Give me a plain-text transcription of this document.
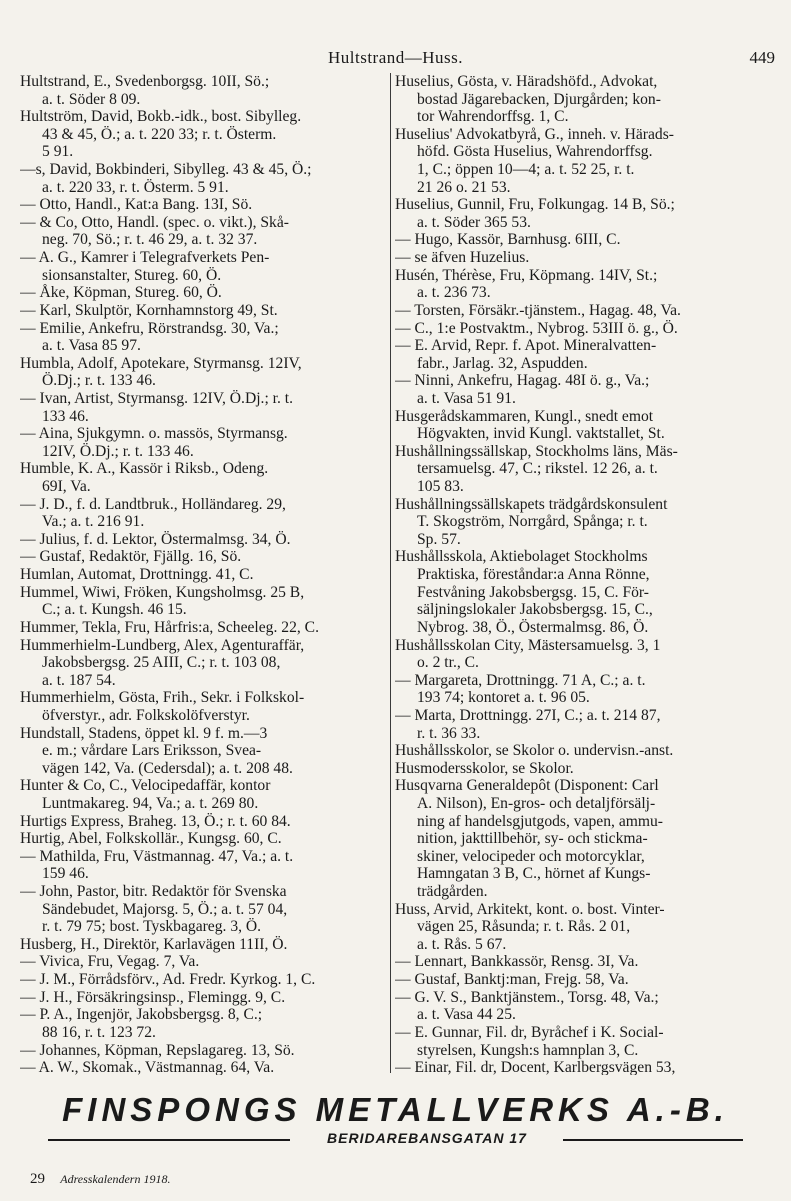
Hultstrand—Huss.	449
Hultstrand, E., Svedenborgsg. 10II, Sö.;
a. t. Söder 8 09.
Hultström, David, Bokb.-idk., bost. Sibylleg.
43 & 45, Ö.; a. t. 220 33; r. t. Österm.
5 91.
—s, David, Bokbinderi, Sibylleg. 43 & 45, Ö.;
a. t. 220 33, r. t. Österm. 5 91.
— Otto, Handl., Kat:a Bang. 13I, Sö.
— & Co, Otto, Handl. (spec. o. vikt.), Skå-
neg. 70, Sö.; r. t. 46 29, a. t. 32 37.
— A. G., Kamrer i Telegrafverkets Pen-
sionsanstalter, Stureg. 60, Ö.
— Åke, Köpman, Stureg. 60, Ö.
— Karl, Skulptör, Kornhamnstorg 49, St.
— Emilie, Ankefru, Rörstrandsg. 30, Va.;
a. t. Vasa 85 97.
Humbla, Adolf, Apotekare, Styrmansg. 12IV,
Ö.Dj.; r. t. 133 46.
— Ivan, Artist, Styrmansg. 12IV, Ö.Dj.; r. t.
133 46.
— Aina, Sjukgymn. o. massös, Styrmansg.
12IV, Ö.Dj.; r. t. 133 46.
Humble, K. A., Kassör i Riksb., Odeng.
69I, Va.
— J. D., f. d. Landtbruk., Holländareg. 29,
Va.; a. t. 216 91.
— Julius, f. d. Lektor, Östermalmsg. 34, Ö.
— Gustaf, Redaktör, Fjällg. 16, Sö.
Humlan, Automat, Drottningg. 41, C.
Hummel, Wiwi, Fröken, Kungsholmsg. 25 B,
C.; a. t. Kungsh. 46 15.
Hummer, Tekla, Fru, Hårfris:a, Scheeleg. 22, C.
Hummerhielm-Lundberg, Alex, Agenturaffär,
Jakobsbergsg. 25 AIII, C.; r. t. 103 08,
a. t. 187 54.
Hummerhielm, Gösta, Frih., Sekr. i Folkskol-
öfverstyr., adr. Folkskolöfverstyr.
Hundstall, Stadens, öppet kl. 9 f. m.—3
e. m.; vårdare Lars Eriksson, Svea-
vägen 142, Va. (Cedersdal); a. t. 208 48.
Hunter & Co, C., Velocipedaffär, kontor
Luntmakareg. 94, Va.; a. t. 269 80.
Hurtigs Express, Braheg. 13, Ö.; r. t. 60 84.
Hurtig, Abel, Folkskollär., Kungsg. 60, C.
— Mathilda, Fru, Västmannag. 47, Va.; a. t.
159 46.
— John, Pastor, bitr. Redaktör för Svenska
Sändebudet, Majorsg. 5, Ö.; a. t. 57 04,
r. t. 79 75; bost. Tyskbagareg. 3, Ö.
Husberg, H., Direktör, Karlavägen 11II, Ö.
— Vivica, Fru, Vegag. 7, Va.
— J. M., Förrådsförv., Ad. Fredr. Kyrkog. 1, C.
— J. H., Försäkringsinsp., Flemingg. 9, C.
— P. A., Ingenjör, Jakobsbergsg. 8, C.;
88 16, r. t. 123 72.
— Johannes, Köpman, Repslagareg. 13, Sö.
— A. W., Skomak., Västmannag. 64, Va.
Huselius, Gösta, v. Häradshöfd., Advokat,
bostad Jägarebacken, Djurgården; kon-
tor Wahrendorffsg. 1, C.
Huselius' Advokatbyrå, G., inneh. v. Härads-
höfd. Gösta Huselius, Wahrendorffsg.
1, C.; öppen 10—4; a. t. 52 25, r. t.
21 26 o. 21 53.
Huselius, Gunnil, Fru, Folkungag. 14 B, Sö.;
a. t. Söder 365 53.
— Hugo, Kassör, Barnhusg. 6III, C.
— se äfven Huzelius.
Husén, Thérèse, Fru, Köpmang. 14IV, St.;
a. t. 236 73.
— Torsten, Försäkr.-tjänstem., Hagag. 48, Va.
— C., 1:e Postvaktm., Nybrog. 53III ö. g., Ö.
— E. Arvid, Repr. f. Apot. Mineralvatten-
fabr., Jarlag. 32, Aspudden.
— Ninni, Ankefru, Hagag. 48I ö. g., Va.;
a. t. Vasa 51 91.
Husgerådskammaren, Kungl., snedt emot
Högvakten, invid Kungl. vaktstallet, St.
Hushållningssällskap, Stockholms läns, Mäs-
tersamuelsg. 47, C.; rikstel. 12 26, a. t.
105 83.
Hushållningssällskapets trädgårdskonsulent
T. Skogström, Norrgård, Spånga; r. t.
Sp. 57.
Hushållsskola, Aktiebolaget Stockholms
Praktiska, föreståndar:a Anna Rönne,
Festvåning Jakobsbergsg. 15, C. För-
säljningslokaler Jakobsbergsg. 15, C.,
Nybrog. 38, Ö., Östermalmsg. 86, Ö.
Hushållsskolan City, Mästersamuelsg. 3, 1
o. 2 tr., C.
— Margareta, Drottningg. 71 A, C.; a. t.
193 74; kontoret a. t. 96 05.
— Marta, Drottningg. 27I, C.; a. t. 214 87,
r. t. 36 33.
Hushållsskolor, se Skolor o. undervisn.-anst.
Husmodersskolor, se Skolor.
Husqvarna Generaldepôt (Disponent: Carl
A. Nilson), En-gros- och detaljförsälj-
ning af handelsgjutgods, vapen, ammu-
nition, jakttillbehör, sy- och stickma-
skiner, velocipeder och motorcyklar,
Hamngatan 3 B, C., hörnet af Kungs-
trädgården.
Huss, Arvid, Arkitekt, kont. o. bost. Vinter-
vägen 25, Råsunda; r. t. Rås. 2 01,
a. t. Rås. 5 67.
— Lennart, Bankkassör, Rensg. 3I, Va.
— Gustaf, Banktj:man, Frejg. 58, Va.
— G. V. S., Banktjänstem., Torsg. 48, Va.;
a. t. Vasa 44 25.
— E. Gunnar, Fil. dr, Byråchef i K. Social-
styrelsen, Kungsh:s hamnplan 3, C.
— Einar, Fil. dr, Docent, Karlbergsvägen 53,
FINSPONGS METALLVERKS A.-B.
BERIDAREBANSGATAN 17
29 Adresskalendern 1918.
